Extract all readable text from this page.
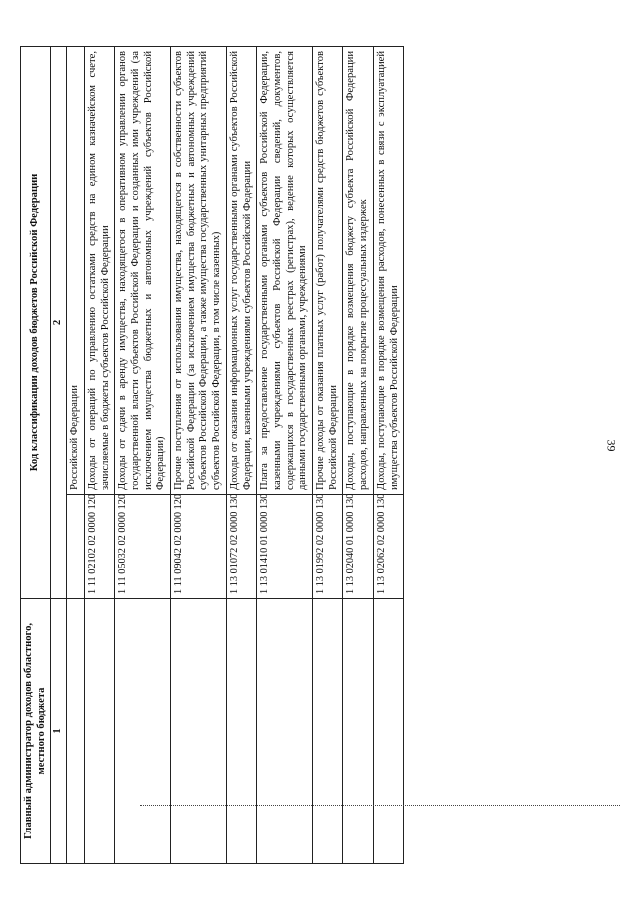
39
Главный администратор доходов областного, местного бюджета	Код классификации доходов бюджетов Российской Федерации	
1	2	
		Российской Федерации
	1 11 02102 02 0000 120	Доходы от операций по управлению остатками средств на едином казначейском счете, зачисляемые в бюджеты субъектов Российской Федерации
	1 11 05032 02 0000 120	Доходы от сдачи в аренду имущества, находящегося в оперативном управлении органов государственной власти субъектов Российской Федерации и созданных ими учреждений (за исключением имущества бюджетных и автономных учреждений субъектов Российской Федерации)
	1 11 09042 02 0000 120	Прочие поступления от использования имущества, находящегося в собственности субъектов Российской Федерации (за исключением имущества бюджетных и автономных учреждений субъектов Российской Федерации, а также имущества государственных унитарных предприятий субъектов Российской Федерации, в том числе казенных)
	1 13 01072 02 0000 130	Доходы от оказания информационных услуг государственными органами субъектов Российской Федерации, казенными учреждениями субъектов Российской Федерации
	1 13 01410 01 0000 130	Плата за предоставление государственными органами субъектов Российской Федерации, казенными учреждениями субъектов Российской Федерации сведений, документов, содержащихся в государственных реестрах (регистрах), ведение которых осуществляется данными государственными органами, учреждениями
	1 13 01992 02 0000 130	Прочие доходы от оказания платных услуг (работ) получателями средств бюджетов субъектов Российской Федерации
	1 13 02040 01 0000 130	Доходы, поступающие в порядке возмещения бюджету субъекта Российской Федерации расходов, направленных на покрытие процессуальных издержек
	1 13 02062 02 0000 130	Доходы, поступающие в порядке возмещения расходов, понесенных в связи с эксплуатацией имущества субъектов Российской Федерации
